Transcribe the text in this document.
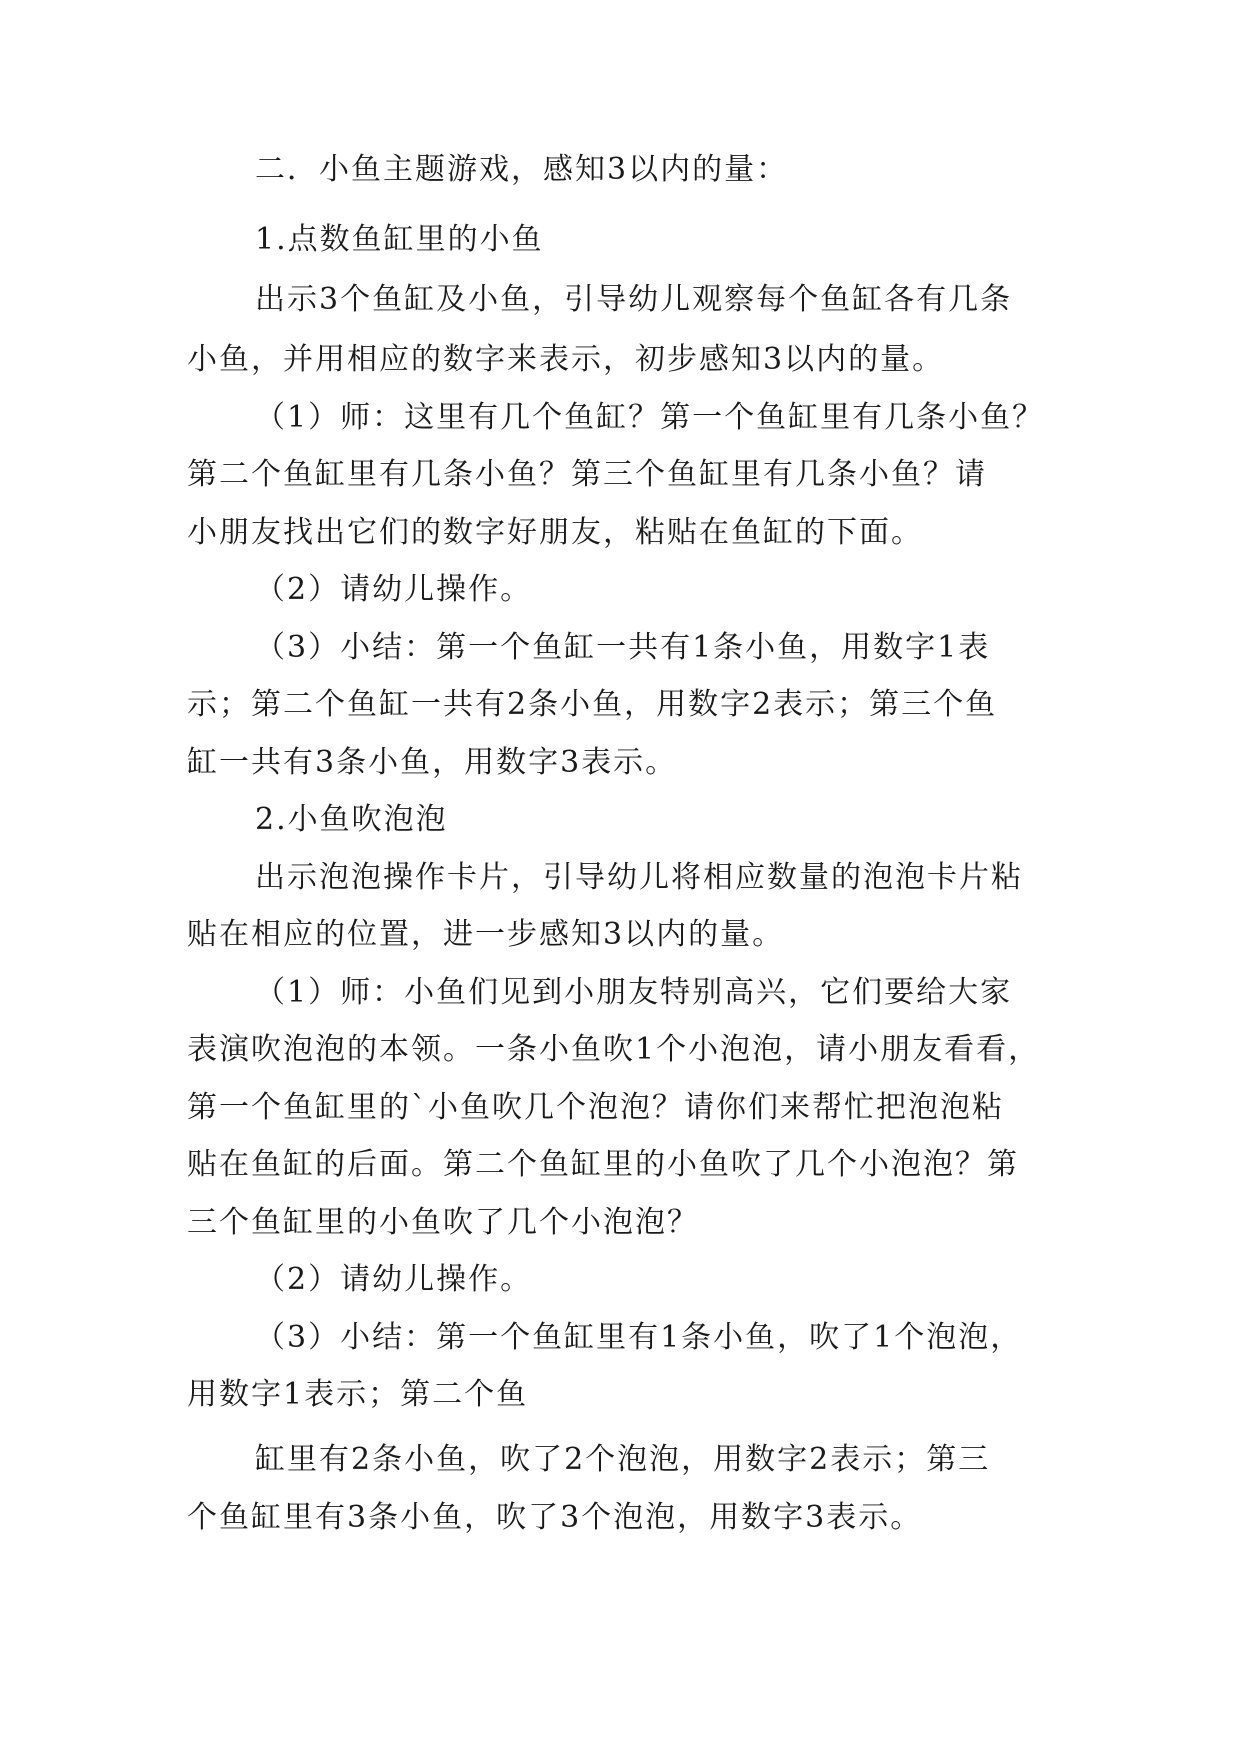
二．小鱼主题游戏，感知3以内的量：
1.点数鱼缸里的小鱼
出示3个鱼缸及小鱼，引导幼儿观察每个鱼缸各有几条
小鱼，并用相应的数字来表示，初步感知3以内的量。
（1）师：这里有几个鱼缸？第一个鱼缸里有几条小鱼？
第二个鱼缸里有几条小鱼？第三个鱼缸里有几条小鱼？请
小朋友找出它们的数字好朋友，粘贴在鱼缸的下面。
（2）请幼儿操作。
（3）小结：第一个鱼缸一共有1条小鱼，用数字1表
示；第二个鱼缸一共有2条小鱼，用数字2表示；第三个鱼
缸一共有3条小鱼，用数字3表示。
2.小鱼吹泡泡
出示泡泡操作卡片，引导幼儿将相应数量的泡泡卡片粘
贴在相应的位置，进一步感知3以内的量。
（1）师：小鱼们见到小朋友特别高兴，它们要给大家
表演吹泡泡的本领。一条小鱼吹1个小泡泡，请小朋友看看，
第一个鱼缸里的`小鱼吹几个泡泡？请你们来帮忙把泡泡粘
贴在鱼缸的后面。第二个鱼缸里的小鱼吹了几个小泡泡？第
三个鱼缸里的小鱼吹了几个小泡泡？
（2）请幼儿操作。
（3）小结：第一个鱼缸里有1条小鱼，吹了1个泡泡，
用数字1表示；第二个鱼
缸里有2条小鱼，吹了2个泡泡，用数字2表示；第三
个鱼缸里有3条小鱼，吹了3个泡泡，用数字3表示。
